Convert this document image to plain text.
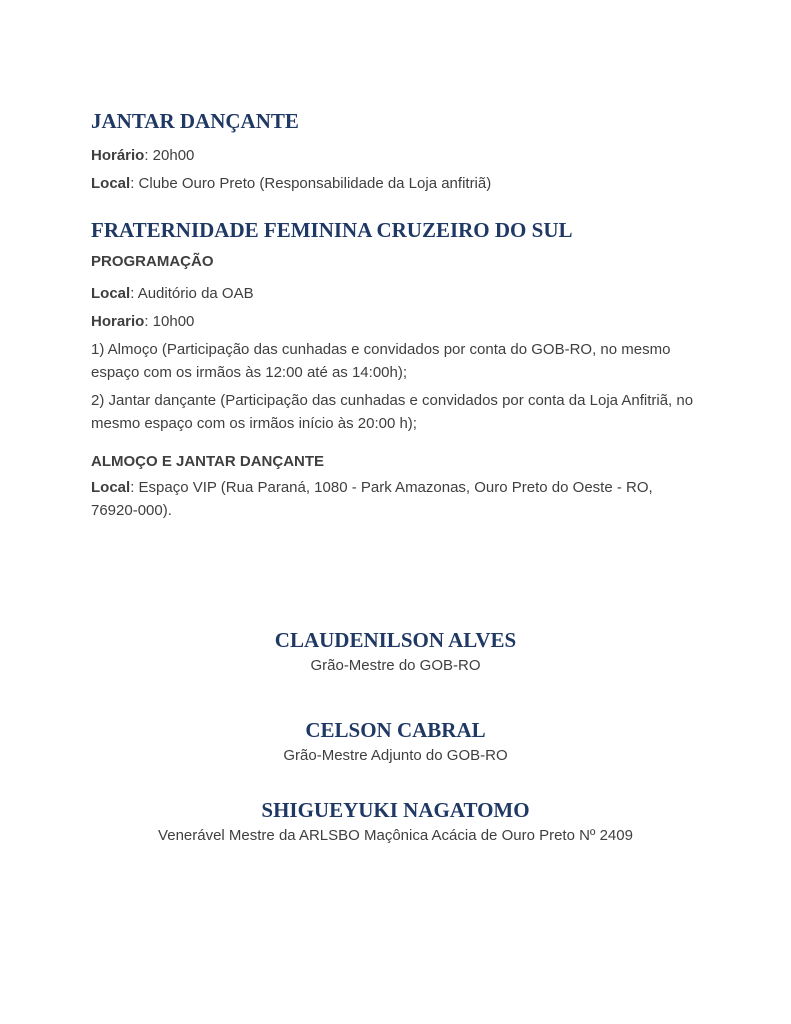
JANTAR DANÇANTE

Horário: 20h00

Local: Clube Ouro Preto (Responsabilidade da Loja anfitriã)

FRATERNIDADE FEMININA CRUZEIRO DO SUL
PROGRAMAÇÃO

Local: Auditório da OAB

Horario: 10h00

1) Almoço (Participação das cunhadas e convidados por conta do GOB-RO, no mesmo espaço com os irmãos às 12:00 até as 14:00h);

2) Jantar dançante (Participação das cunhadas e convidados por conta da Loja Anfitriã, no mesmo espaço com os irmãos início às 20:00 h);

ALMOÇO E JANTAR DANÇANTE

Local: Espaço VIP (Rua Paraná, 1080 - Park Amazonas, Ouro Preto do Oeste - RO, 76920-000).

CLAUDENILSON ALVES

Grão-Mestre do GOB-RO

CELSON CABRAL

Grão-Mestre Adjunto do GOB-RO

SHIGUEYUKI NAGATOMO

Venerável Mestre da ARLSBO Maçônica Acácia de Ouro Preto Nº 2409
